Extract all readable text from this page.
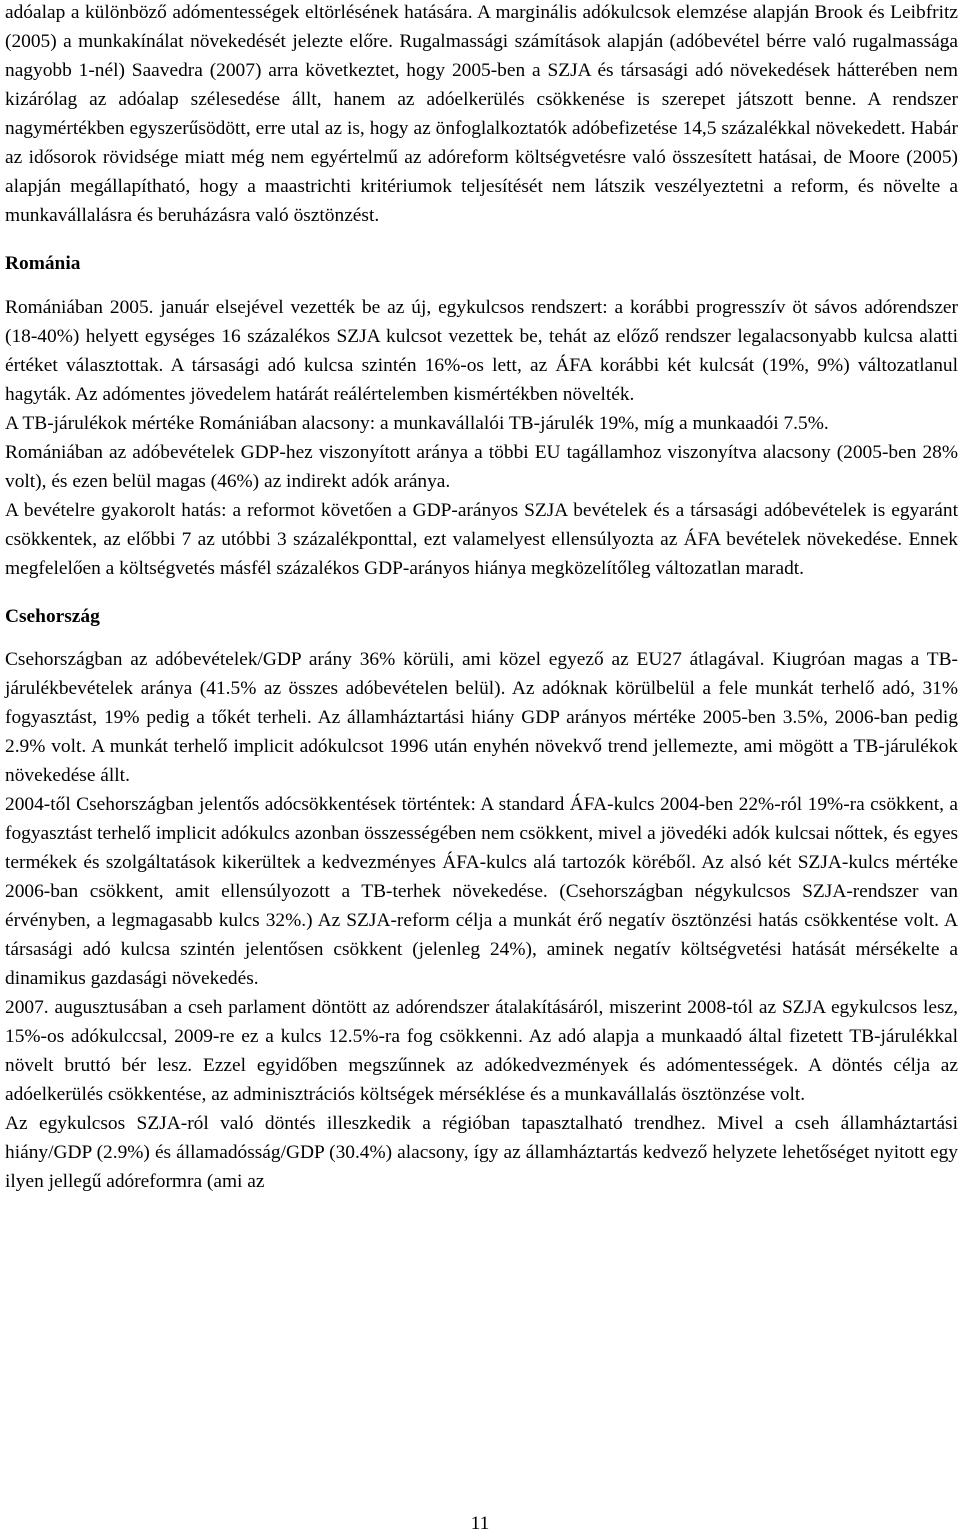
adóalap a különböző adómentességek eltörlésének hatására. A marginális adókulcsok elemzése alapján Brook és Leibfritz (2005) a munkakínálat növekedését jelezte előre. Rugalmassági számítások alapján (adóbevétel bérre való rugalmassága nagyobb 1-nél) Saavedra (2007) arra következtet, hogy 2005-ben a SZJA és társasági adó növekedések hátterében nem kizárólag az adóalap szélesedése állt, hanem az adóelkerülés csökkenése is szerepet játszott benne. A rendszer nagymértékben egyszerűsödött, erre utal az is, hogy az önfoglalkoztatók adóbefizetése 14,5 százalékkal növekedett. Habár az idősorok rövidsége miatt még nem egyértelmű az adóreform költségvetésre való összesített hatásai, de Moore (2005) alapján megállapítható, hogy a maastrichti kritériumok teljesítését nem látszik veszélyeztetni a reform, és növelte a munkavállalásra és beruházásra való ösztönzést.

Románia

Romániában 2005. január elsejével vezették be az új, egykulcsos rendszert: a korábbi progresszív öt sávos adórendszer (18-40%) helyett egységes 16 százalékos SZJA kulcsot vezettek be, tehát az előző rendszer legalacsonyabb kulcsa alatti értéket választottak. A társasági adó kulcsa szintén 16%-os lett, az ÁFA korábbi két kulcsát (19%, 9%) változatlanul hagyták. Az adómentes jövedelem határát reálértelemben kismértékben növelték.

A TB-járulékok mértéke Romániában alacsony: a munkavállalói TB-járulék 19%, míg a munkaadói 7.5%.

Romániában az adóbevételek GDP-hez viszonyított aránya a többi EU tagállamhoz viszonyítva alacsony (2005-ben 28% volt), és ezen belül magas (46%) az indirekt adók aránya.

A bevételre gyakorolt hatás: a reformot követően a GDP-arányos SZJA bevételek és a társasági adóbevételek is egyaránt csökkentek, az előbbi 7 az utóbbi 3 százalékponttal, ezt valamelyest ellensúlyozta az ÁFA bevételek növekedése. Ennek megfelelően a költségvetés másfél százalékos GDP-arányos hiánya megközelítőleg változatlan maradt.

Csehország

Csehországban az adóbevételek/GDP arány 36% körüli, ami közel egyező az EU27 átlagával. Kiugróan magas a TB-járulékbevételek aránya (41.5% az összes adóbevételen belül). Az adóknak körülbelül a fele munkát terhelő adó, 31% fogyasztást, 19% pedig a tőkét terheli. Az államháztartási hiány GDP arányos mértéke 2005-ben 3.5%, 2006-ban pedig 2.9% volt. A munkát terhelő implicit adókulcsot 1996 után enyhén növekvő trend jellemezte, ami mögött a TB-járulékok növekedése állt.

2004-től Csehországban jelentős adócsökkentések történtek: A standard ÁFA-kulcs 2004-ben 22%-ról 19%-ra csökkent, a fogyasztást terhelő implicit adókulcs azonban összességében nem csökkent, mivel a jövedéki adók kulcsai nőttek, és egyes termékek és szolgáltatások kikerültek a kedvezményes ÁFA-kulcs alá tartozók köréből. Az alsó két SZJA-kulcs mértéke 2006-ban csökkent, amit ellensúlyozott a TB-terhek növekedése. (Csehországban négykulcsos SZJA-rendszer van érvényben, a legmagasabb kulcs 32%.) Az SZJA-reform célja a munkát érő negatív ösztönzési hatás csökkentése volt. A társasági adó kulcsa szintén jelentősen csökkent (jelenleg 24%), aminek negatív költségvetési hatását mérsékelte a dinamikus gazdasági növekedés.

2007. augusztusában a cseh parlament döntött az adórendszer átalakításáról, miszerint 2008-tól az SZJA egykulcsos lesz, 15%-os adókulccsal, 2009-re ez a kulcs 12.5%-ra fog csökkenni. Az adó alapja a munkaadó által fizetett TB-járulékkal növelt bruttó bér lesz. Ezzel egyidőben megszűnnek az adókedvezmények és adómentességek. A döntés célja az adóelkerülés csökkentése, az adminisztrációs költségek mérséklése és a munkavállalás ösztönzése volt.

Az egykulcsos SZJA-ról való döntés illeszkedik a régióban tapasztalható trendhez. Mivel a cseh államháztartási hiány/GDP (2.9%) és államadósság/GDP (30.4%) alacsony, így az államháztartás kedvező helyzete lehetőséget nyitott egy ilyen jellegű adóreformra (ami az

11
